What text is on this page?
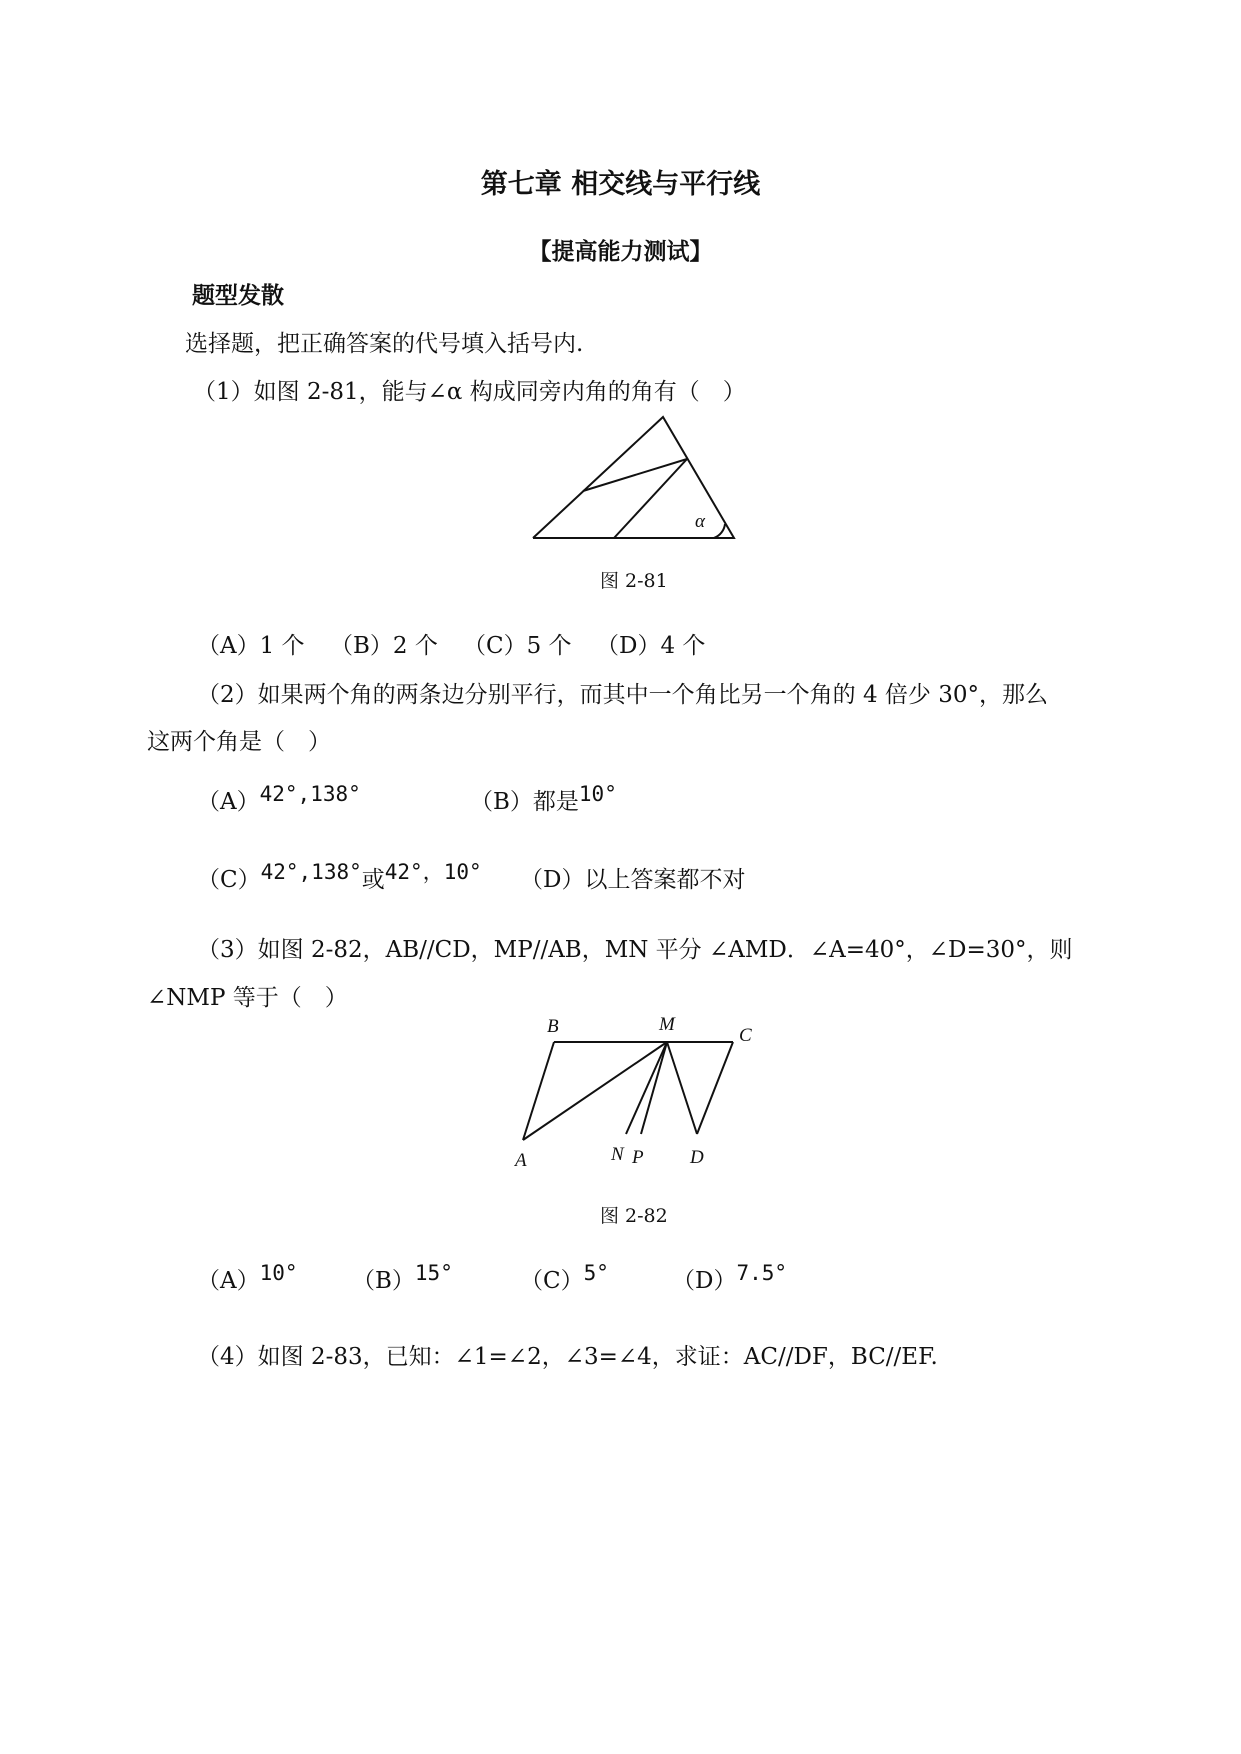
第七章 相交线与平行线
【提高能力测试】
题型发散
选择题，把正确答案的代号填入括号内.
（1）如图 2-81，能与∠α 构成同旁内角的角有（　）
α
图 2-81
（A）1 个 （B）2 个 （C）5 个 （D）4 个
（2）如果两个角的两条边分别平行，而其中一个角比另一个角的 4 倍少 30°，那么
这两个角是（　）
（A）42°,138°	（B）都是10°
（C）42°,138°或42°，10° （D）以上答案都不对
（3）如图 2-82，AB//CD，MP//AB，MN 平分 ∠AMD．∠A=40°，∠D=30°，则
∠NMP 等于（　）
B	M
C
A	N P D
图 2-82
（A）10° （B）15°	（C）5°	（D）7.5°
（4）如图 2-83，已知：∠1=∠2，∠3=∠4，求证：AC//DF，BC//EF.
